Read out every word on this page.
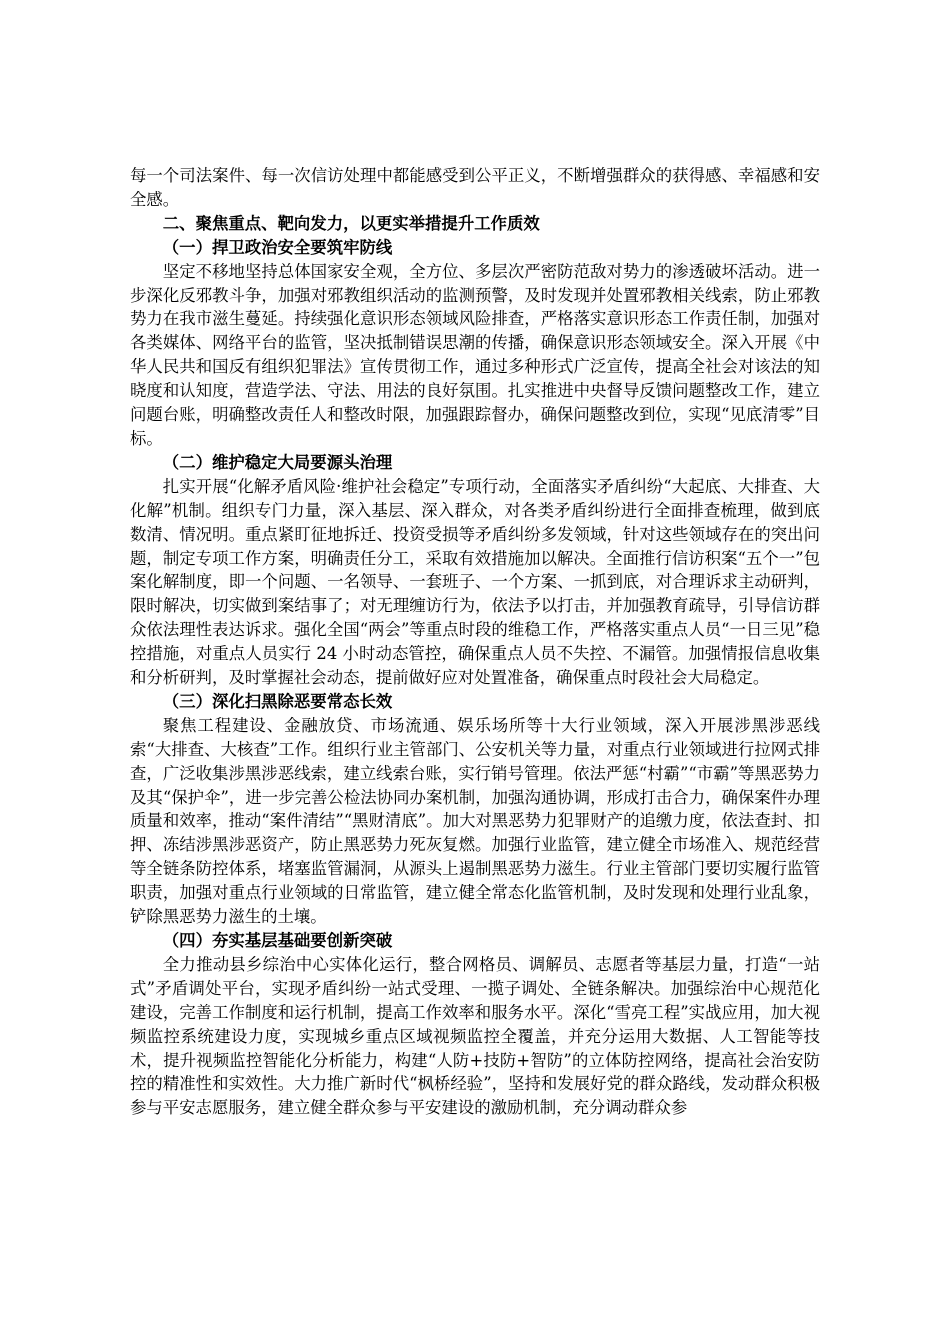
每一个司法案件、每一次信访处理中都能感受到公平正义，不断增强群众的获得感、幸福感和安全感。

二、聚焦重点、靶向发力，以更实举措提升工作质效

（一）捍卫政治安全要筑牢防线

坚定不移地坚持总体国家安全观，全方位、多层次严密防范敌对势力的渗透破坏活动。进一步深化反邪教斗争，加强对邪教组织活动的监测预警，及时发现并处置邪教相关线索，防止邪教势力在我市滋生蔓延。持续强化意识形态领域风险排查，严格落实意识形态工作责任制，加强对各类媒体、网络平台的监管，坚决抵制错误思潮的传播，确保意识形态领域安全。深入开展《中华人民共和国反有组织犯罪法》宣传贯彻工作，通过多种形式广泛宣传，提高全社会对该法的知晓度和认知度，营造学法、守法、用法的良好氛围。扎实推进中央督导反馈问题整改工作，建立问题台账，明确整改责任人和整改时限，加强跟踪督办，确保问题整改到位，实现“见底清零”目标。

（二）维护稳定大局要源头治理

扎实开展“化解矛盾风险·维护社会稳定”专项行动，全面落实矛盾纠纷“大起底、大排查、大化解”机制。组织专门力量，深入基层、深入群众，对各类矛盾纠纷进行全面排查梳理，做到底数清、情况明。重点紧盯征地拆迁、投资受损等矛盾纠纷多发领域，针对这些领域存在的突出问题，制定专项工作方案，明确责任分工，采取有效措施加以解决。全面推行信访积案“五个一”包案化解制度，即一个问题、一名领导、一套班子、一个方案、一抓到底，对合理诉求主动研判，限时解决，切实做到案结事了；对无理缠访行为，依法予以打击，并加强教育疏导，引导信访群众依法理性表达诉求。强化全国“两会”等重点时段的维稳工作，严格落实重点人员“一日三见”稳控措施，对重点人员实行 24 小时动态管控，确保重点人员不失控、不漏管。加强情报信息收集和分析研判，及时掌握社会动态，提前做好应对处置准备，确保重点时段社会大局稳定。

（三）深化扫黑除恶要常态长效

聚焦工程建设、金融放贷、市场流通、娱乐场所等十大行业领域，深入开展涉黑涉恶线索“大排查、大核查”工作。组织行业主管部门、公安机关等力量，对重点行业领域进行拉网式排查，广泛收集涉黑涉恶线索，建立线索台账，实行销号管理。依法严惩“村霸”“市霸”等黑恶势力及其“保护伞”，进一步完善公检法协同办案机制，加强沟通协调，形成打击合力，确保案件办理质量和效率，推动“案件清结”“黑财清底”。加大对黑恶势力犯罪财产的追缴力度，依法查封、扣押、冻结涉黑涉恶资产，防止黑恶势力死灰复燃。加强行业监管，建立健全市场准入、规范经营等全链条防控体系，堵塞监管漏洞，从源头上遏制黑恶势力滋生。行业主管部门要切实履行监管职责，加强对重点行业领域的日常监管，建立健全常态化监管机制，及时发现和处理行业乱象，铲除黑恶势力滋生的土壤。

（四）夯实基层基础要创新突破

全力推动县乡综治中心实体化运行，整合网格员、调解员、志愿者等基层力量，打造“一站式”矛盾调处平台，实现矛盾纠纷一站式受理、一揽子调处、全链条解决。加强综治中心规范化建设，完善工作制度和运行机制，提高工作效率和服务水平。深化“雪亮工程”实战应用，加大视频监控系统建设力度，实现城乡重点区域视频监控全覆盖，并充分运用大数据、人工智能等技术，提升视频监控智能化分析能力，构建“人防+技防+智防”的立体防控网络，提高社会治安防控的精准性和实效性。大力推广新时代“枫桥经验”，坚持和发展好党的群众路线，发动群众积极参与平安志愿服务，建立健全群众参与平安建设的激励机制，充分调动群众参
